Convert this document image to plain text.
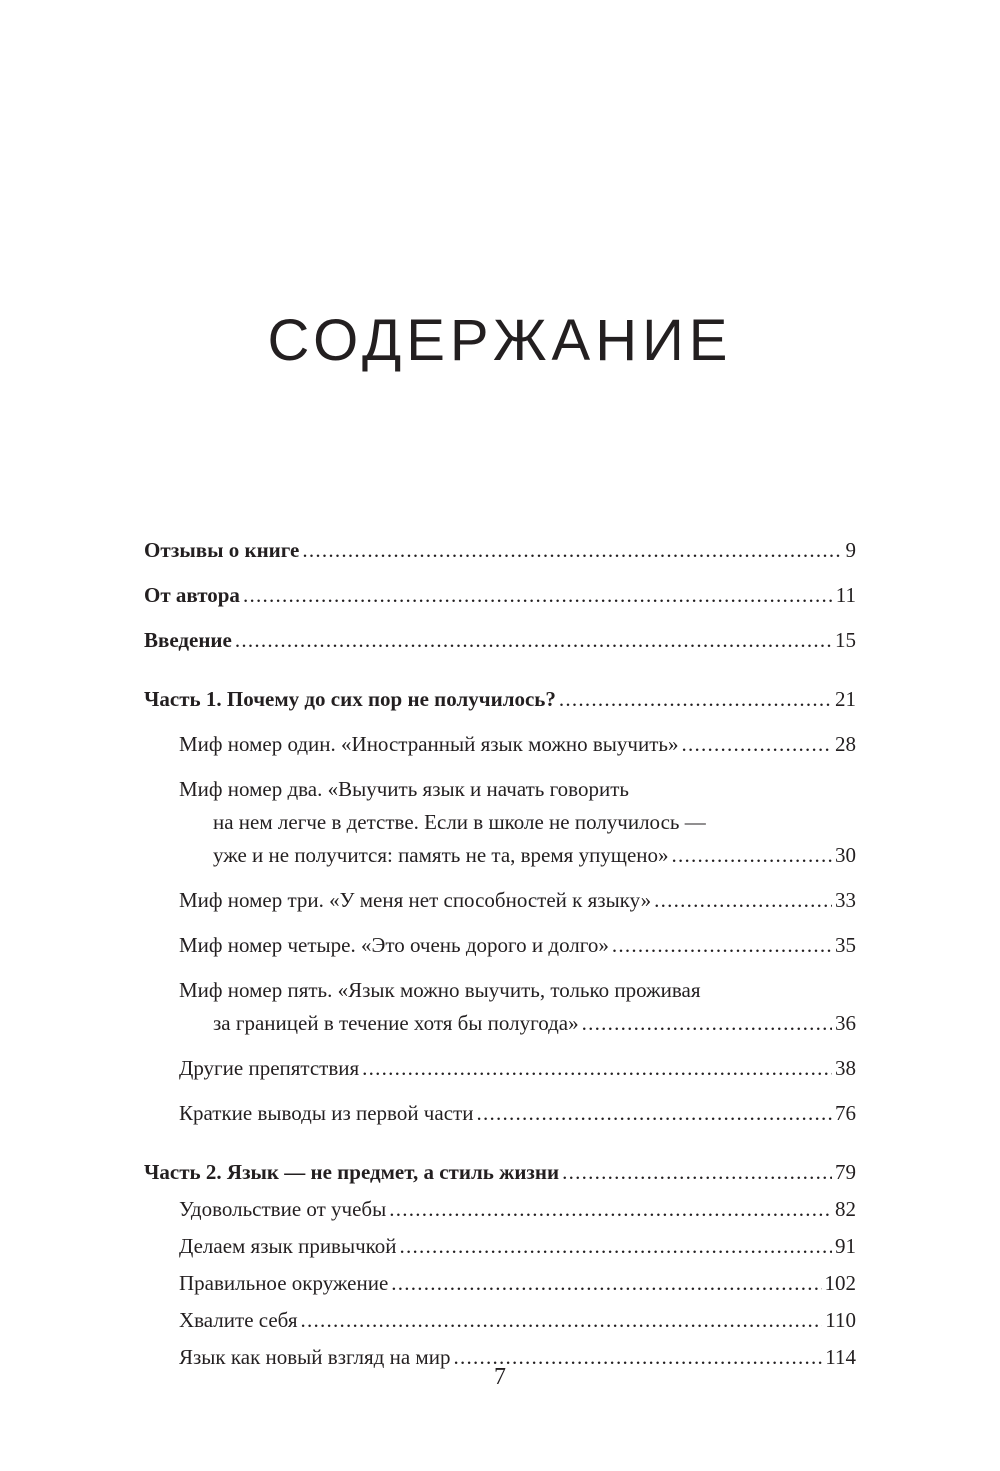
СОДЕРЖАНИЕ
Отзывы о книге . . .	9
От автора . . .	11
Введение . . .	15
Часть 1. Почему до сих пор не получилось? . . .	21
Миф номер один. «Иностранный язык можно выучить» . . .	28
Миф номер два. «Выучить язык и начать говорить
на нем легче в детстве. Если в школе не получилось —
уже и не получится: память не та, время упущено» . . .	30
Миф номер три. «У меня нет способностей к языку» . . .	33
Миф номер четыре. «Это очень дорого и долго» . . .	35
Миф номер пять. «Язык можно выучить, только проживая
за границей в течение хотя бы полугода» . . .	36
Другие препятствия . . .	38
Краткие выводы из первой части . . .	76
Часть 2. Язык — не предмет, а стиль жизни . . .	79
Удовольствие от учебы . . .	82
Делаем язык привычкой . . .	91
Правильное окружение . . .	102
Хвалите себя . . .	110
Язык как новый взгляд на мир . . .	114
7
